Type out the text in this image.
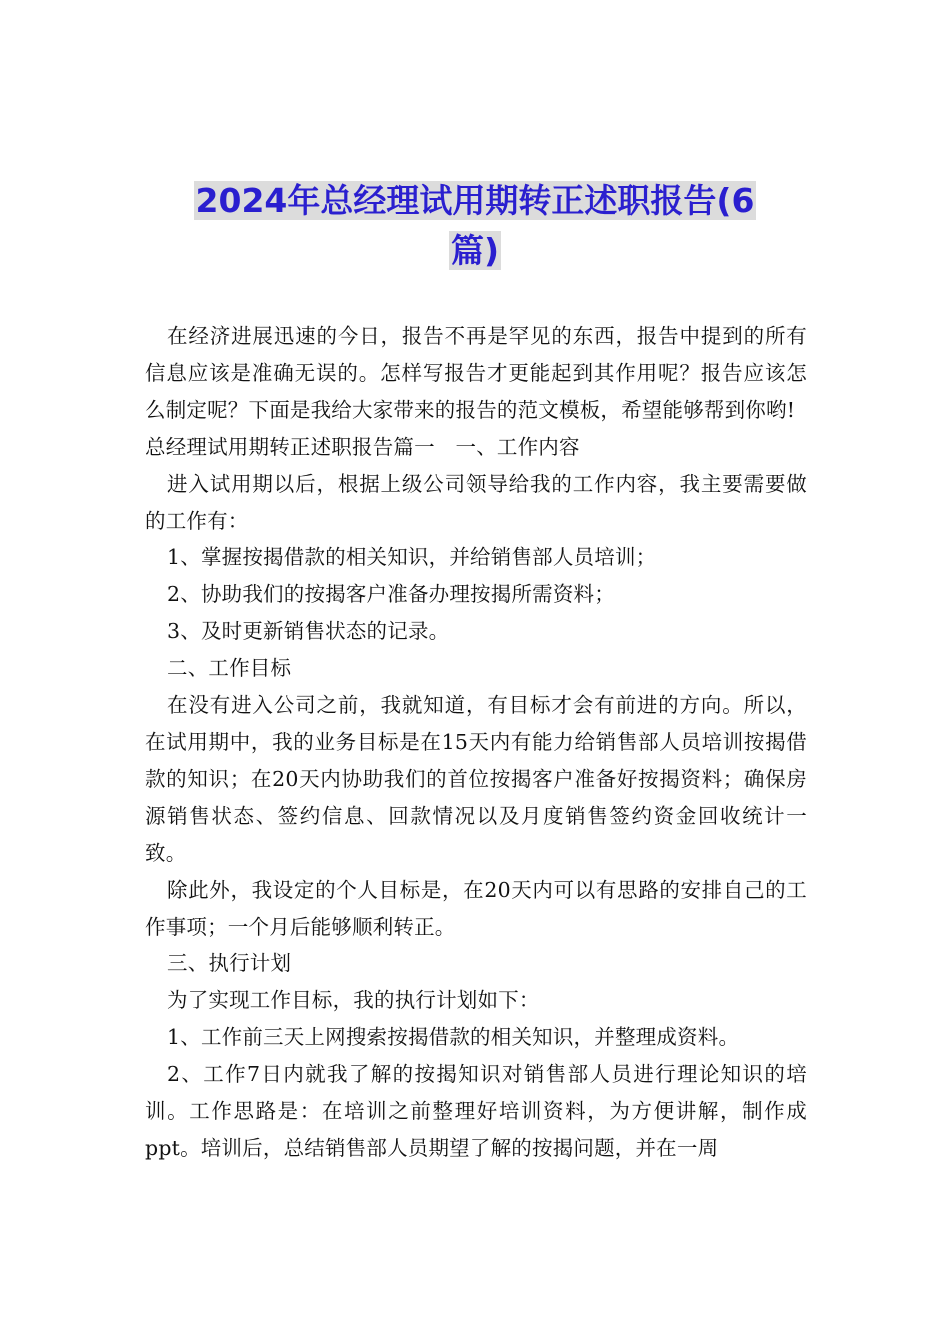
2024年总经理试用期转正述职报告(6
篇)

在经济进展迅速的今日，报告不再是罕见的东西，报告中提到的所有信息应该是准确无误的。怎样写报告才更能起到其作用呢？报告应该怎么制定呢？下面是我给大家带来的报告的范文模板，希望能够帮到你哟!

总经理试用期转正述职报告篇一　一、工作内容

进入试用期以后，根据上级公司领导给我的工作内容，我主要需要做的工作有：

1、掌握按揭借款的相关知识，并给销售部人员培训；

2、协助我们的按揭客户准备办理按揭所需资料；

3、及时更新销售状态的记录。

二、工作目标

在没有进入公司之前，我就知道，有目标才会有前进的方向。所以，在试用期中，我的业务目标是在15天内有能力给销售部人员培训按揭借款的知识；在20天内协助我们的首位按揭客户准备好按揭资料；确保房源销售状态、签约信息、回款情况以及月度销售签约资金回收统计一致。

除此外，我设定的个人目标是，在20天内可以有思路的安排自己的工作事项；一个月后能够顺利转正。

三、执行计划

为了实现工作目标，我的执行计划如下：

1、工作前三天上网搜索按揭借款的相关知识，并整理成资料。

2、工作7日内就我了解的按揭知识对销售部人员进行理论知识的培训。工作思路是：在培训之前整理好培训资料，为方便讲解，制作成ppt。培训后，总结销售部人员期望了解的按揭问题，并在一周
